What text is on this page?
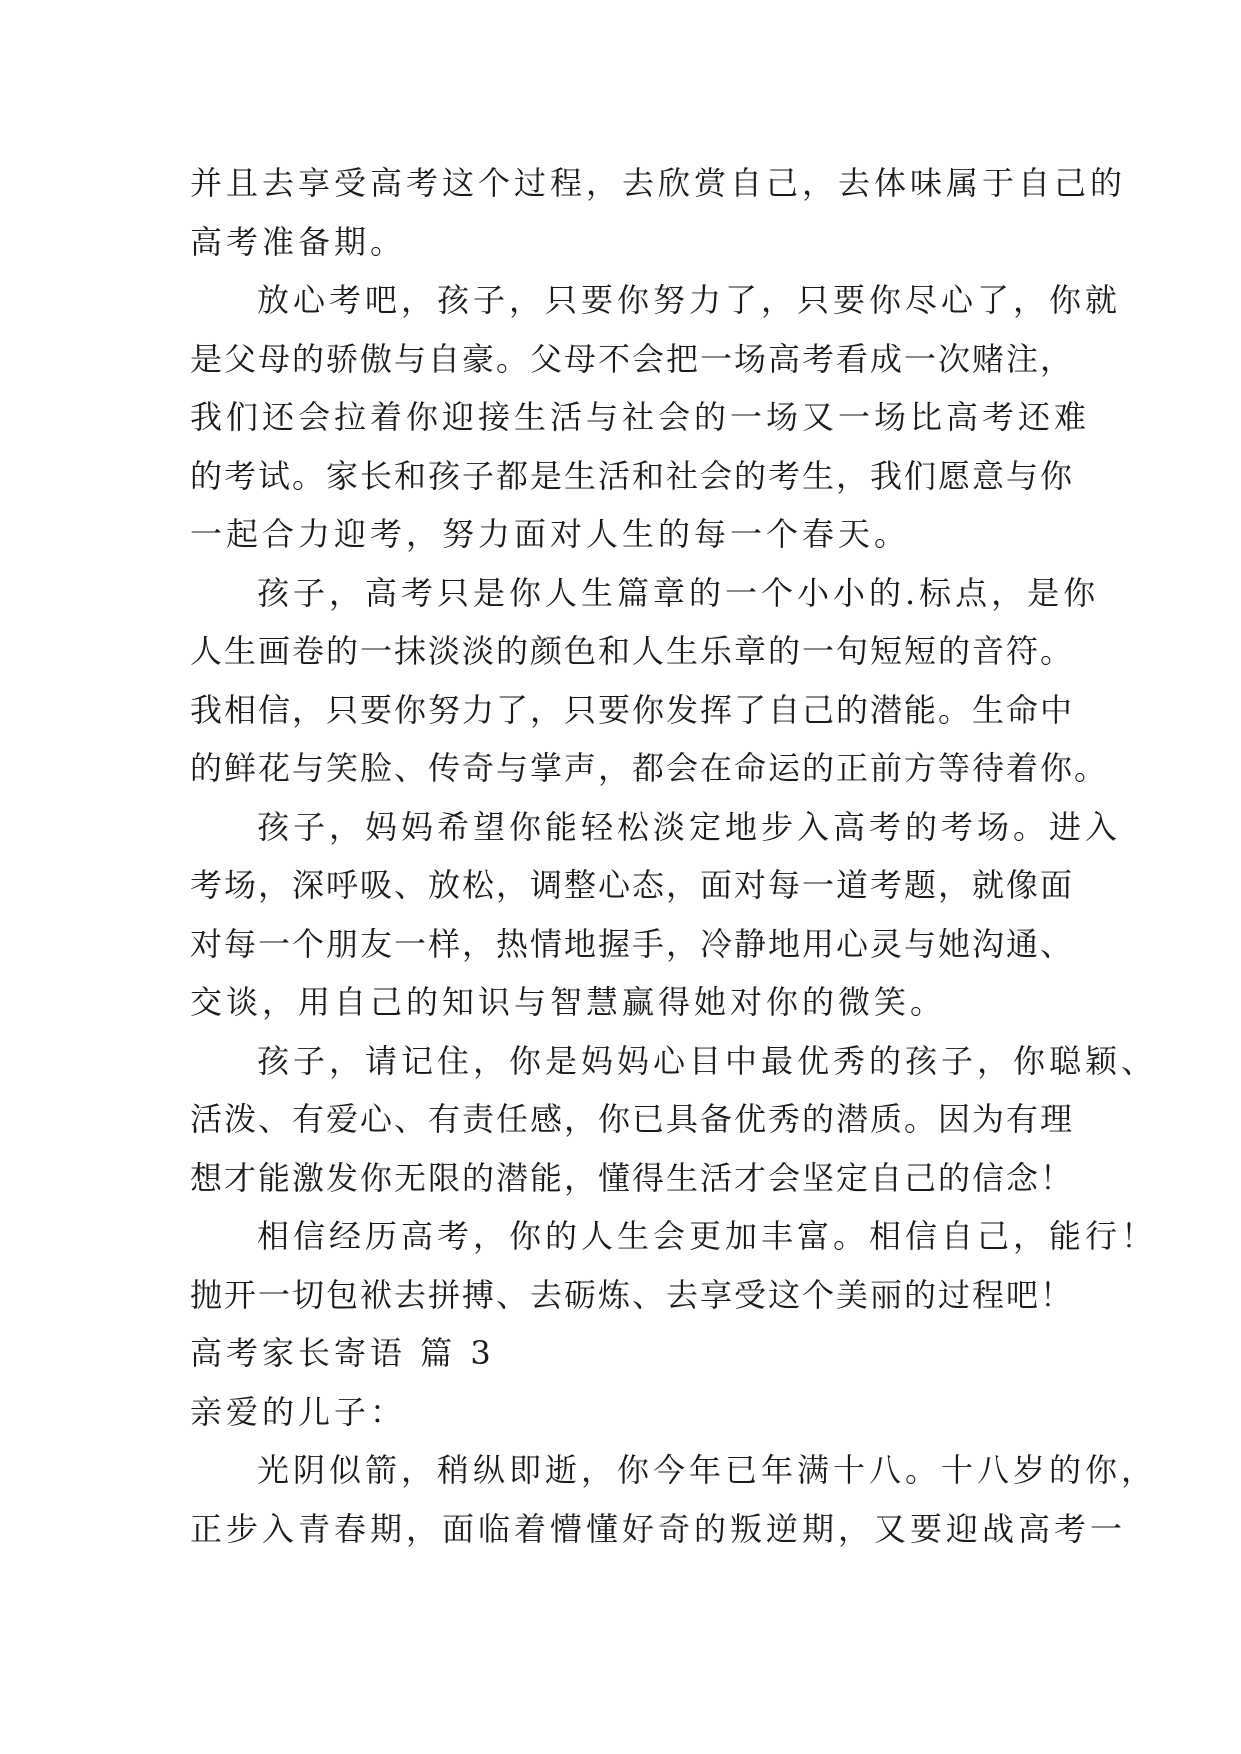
并且去享受高考这个过程，去欣赏自己，去体味属于自己的
高考准备期。
放心考吧，孩子，只要你努力了，只要你尽心了，你就
是父母的骄傲与自豪。父母不会把一场高考看成一次赌注，
我们还会拉着你迎接生活与社会的一场又一场比高考还难
的考试。家长和孩子都是生活和社会的考生，我们愿意与你
一起合力迎考，努力面对人生的每一个春天。
孩子，高考只是你人生篇章的一个小小的.标点，是你
人生画卷的一抹淡淡的颜色和人生乐章的一句短短的音符。
我相信，只要你努力了，只要你发挥了自己的潜能。生命中
的鲜花与笑脸、传奇与掌声，都会在命运的正前方等待着你。
孩子，妈妈希望你能轻松淡定地步入高考的考场。进入
考场，深呼吸、放松，调整心态，面对每一道考题，就像面
对每一个朋友一样，热情地握手，冷静地用心灵与她沟通、
交谈，用自己的知识与智慧赢得她对你的微笑。
孩子，请记住，你是妈妈心目中最优秀的孩子，你聪颖、
活泼、有爱心、有责任感，你已具备优秀的潜质。因为有理
想才能激发你无限的潜能，懂得生活才会坚定自己的信念！
相信经历高考，你的人生会更加丰富。相信自己，能行！
抛开一切包袱去拼搏、去砺炼、去享受这个美丽的过程吧！
高考家长寄语 篇 3
亲爱的儿子：
光阴似箭，稍纵即逝，你今年已年满十八。十八岁的你，
正步入青春期，面临着懵懂好奇的叛逆期，又要迎战高考一
